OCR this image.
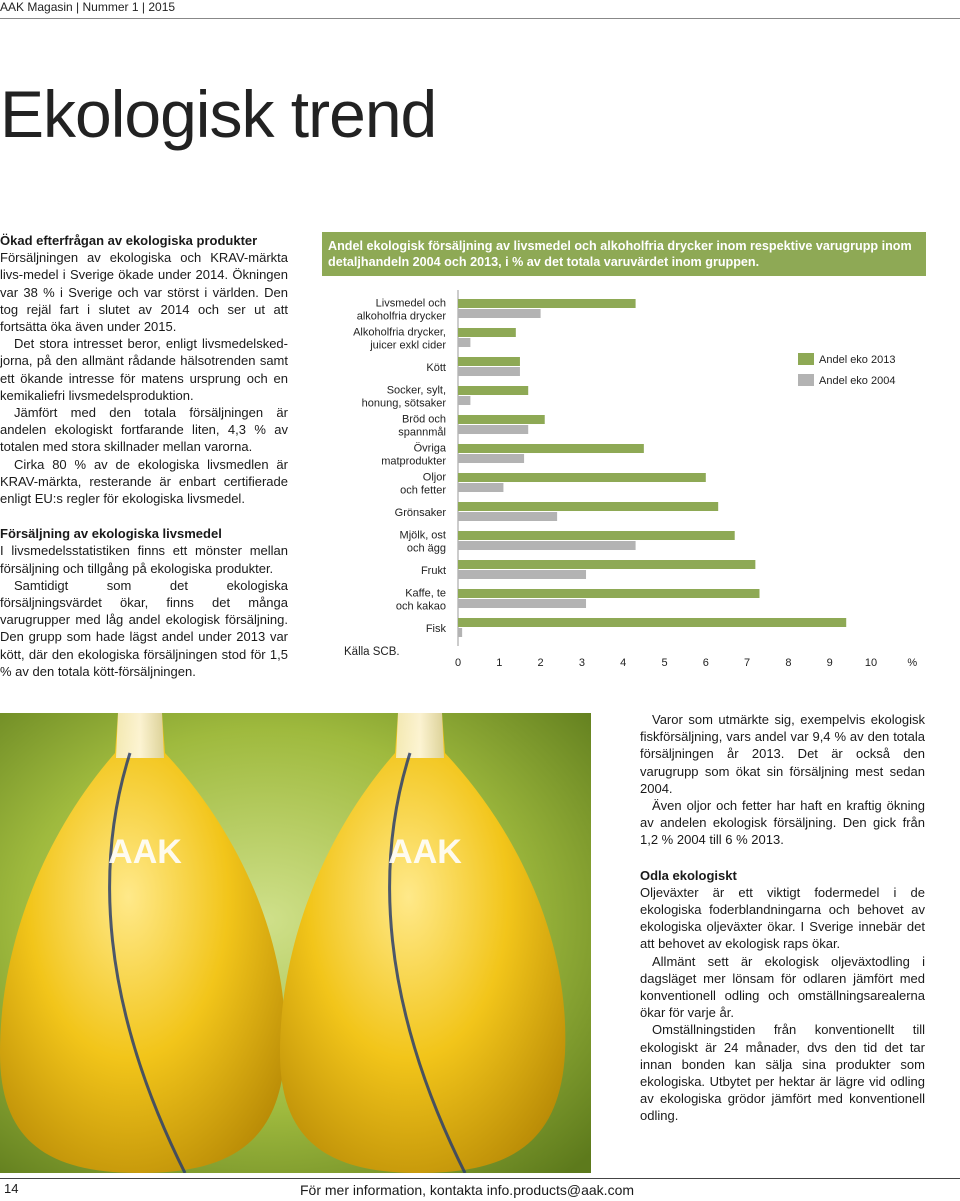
AAK Magasin | Nummer 1 | 2015
Ekologisk trend
Ökad efterfrågan av ekologiska produkter

Försäljningen av ekologiska och KRAV-märkta livs-medel i Sverige ökade under 2014. Ökningen var 38 % i Sverige och var störst i världen. Den tog rejäl fart i slutet av 2014 och ser ut att fortsätta öka även under 2015.

Det stora intresset beror, enligt livsmedelsked-jorna, på den allmänt rådande hälsotrenden samt ett ökande intresse för matens ursprung och en kemikaliefri livsmedelsproduktion.

Jämfört med den totala försäljningen är andelen ekologiskt fortfarande liten, 4,3 % av totalen med stora skillnader mellan varorna.

Cirka 80 % av de ekologiska livsmedlen är KRAV-märkta, resterande är enbart certifierade enligt EU:s regler för ekologiska livsmedel.

Försäljning av ekologiska livsmedel

I livsmedelsstatistiken finns ett mönster mellan försäljning och tillgång på ekologiska produkter.

Samtidigt som det ekologiska försäljningsvärdet ökar, finns det många varugrupper med låg andel ekologisk försäljning. Den grupp som hade lägst andel under 2013 var kött, där den ekologiska försäljningen stod för 1,5 % av den totala kött-försäljningen.

Andel ekologisk försäljning av livsmedel och alkoholfria drycker inom respektive varugrupp inom detaljhandeln 2004 och 2013, i % av det totala varuvärdet inom gruppen.
Livsmedel och alkoholfria drycker
Alkoholfria drycker, juicer exkl cider
Kött
Socker, sylt, honung, sötsaker
Bröd och spannmål
Övriga matprodukter
Oljor och fetter
Grönsaker
Mjölk, ost och ägg
Frukt
Kaffe, te och kakao
Fisk
0	1	2	3	4	5	6	7	8	9	10	%
Källa SCB.
Andel eko 2013
Andel eko 2004
AAK	AAK

Varor som utmärkte sig, exempelvis ekologisk fiskförsäljning, vars andel var 9,4 % av den totala försäljningen år 2013. Det är också den varugrupp som ökat sin försäljning mest sedan 2004.

Även oljor och fetter har haft en kraftig ökning av andelen ekologisk försäljning. Den gick från 1,2 % 2004 till 6 % 2013.

Odla ekologiskt

Oljeväxter är ett viktigt fodermedel i de ekologiska foderblandningarna och behovet av ekologiska oljeväxter ökar. I Sverige innebär det att behovet av ekologisk raps ökar.

Allmänt sett är ekologisk oljeväxtodling i dagsläget mer lönsam för odlaren jämfört med konventionell odling och omställningsarealerna ökar för varje år.

Omställningstiden från konventionellt till ekologiskt är 24 månader, dvs den tid det tar innan bonden kan sälja sina produkter som ekologiska. Utbytet per hektar är lägre vid odling av ekologiska grödor jämfört med konventionell odling.

14	För mer information, kontakta info.products@aak.com
